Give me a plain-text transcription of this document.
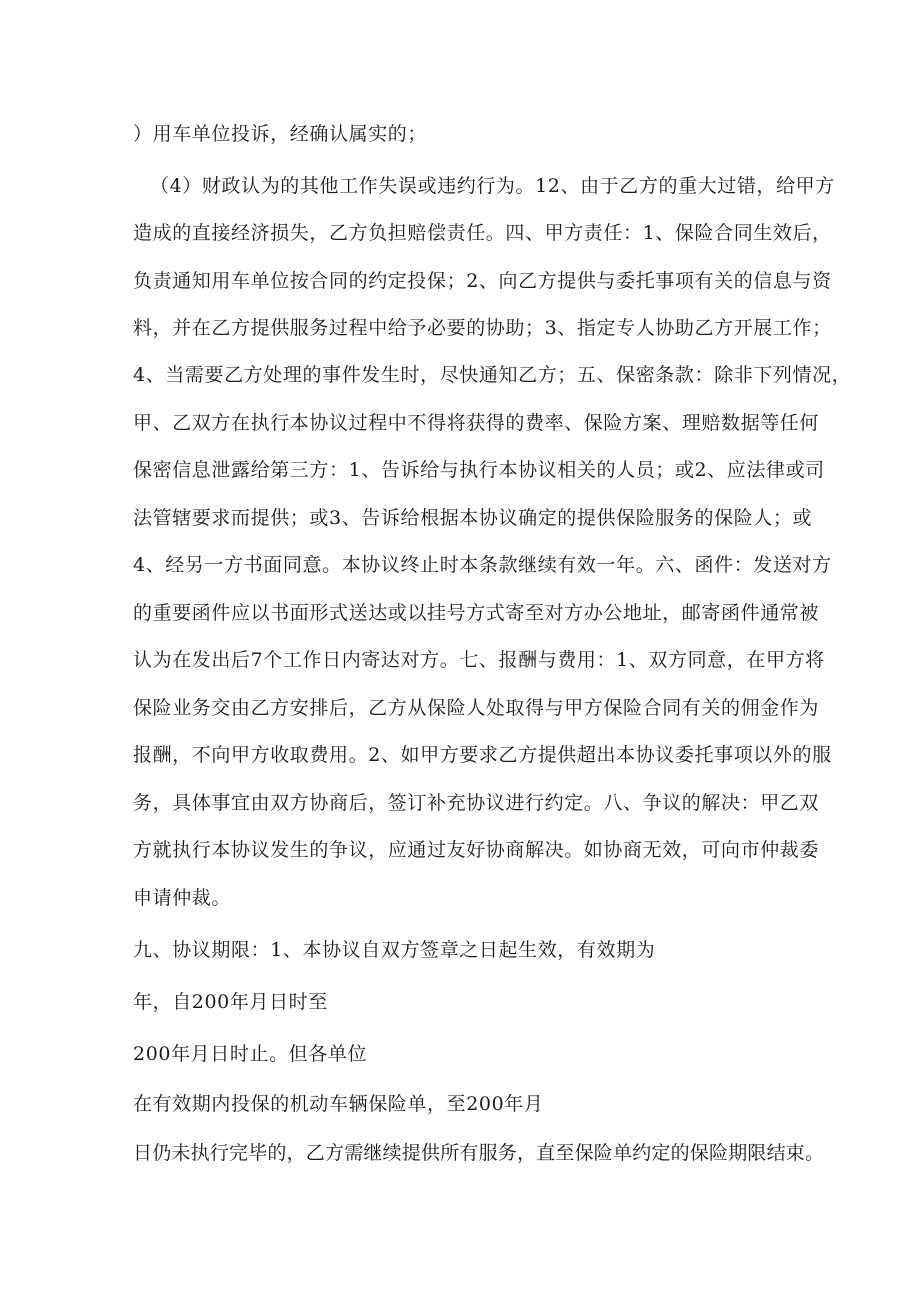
）用车单位投诉，经确认属实的；
（4）财政认为的其他工作失误或违约行为。12、由于乙方的重大过错，给甲方
造成的直接经济损失，乙方负担赔偿责任。四、甲方责任：1、保险合同生效后，
负责通知用车单位按合同的约定投保；2、向乙方提供与委托事项有关的信息与资
料，并在乙方提供服务过程中给予必要的协助；3、指定专人协助乙方开展工作；
4、当需要乙方处理的事件发生时，尽快通知乙方；五、保密条款：除非下列情况，
甲、乙双方在执行本协议过程中不得将获得的费率、保险方案、理赔数据等任何
保密信息泄露给第三方：1、告诉给与执行本协议相关的人员；或2、应法律或司
法管辖要求而提供；或3、告诉给根据本协议确定的提供保险服务的保险人；或
4、经另一方书面同意。本协议终止时本条款继续有效一年。六、函件：发送对方
的重要函件应以书面形式送达或以挂号方式寄至对方办公地址，邮寄函件通常被
认为在发出后7个工作日内寄达对方。七、报酬与费用：1、双方同意，在甲方将
保险业务交由乙方安排后，乙方从保险人处取得与甲方保险合同有关的佣金作为
报酬，不向甲方收取费用。2、如甲方要求乙方提供超出本协议委托事项以外的服
务，具体事宜由双方协商后，签订补充协议进行约定。八、争议的解决：甲乙双
方就执行本协议发生的争议，应通过友好协商解决。如协商无效，可向市仲裁委
申请仲裁。
九、协议期限：1、本协议自双方签章之日起生效，有效期为
年，自200年月日时至
200年月日时止。但各单位
在有效期内投保的机动车辆保险单，至200年月
日仍未执行完毕的，乙方需继续提供所有服务，直至保险单约定的保险期限结束。
